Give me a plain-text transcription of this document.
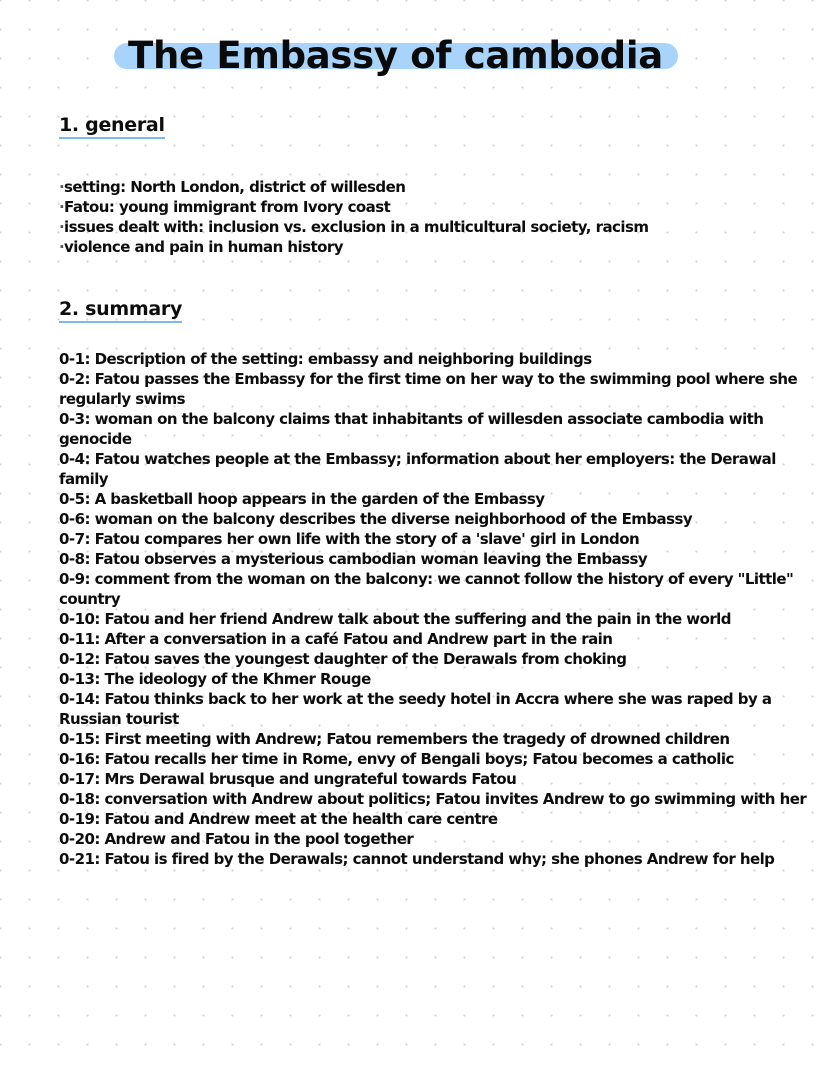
The Embassy of cambodia
1. general
·setting: North London, district of willesden
·Fatou: young immigrant from Ivory coast
·issues dealt with: inclusion vs. exclusion in a multicultural society, racism
·violence and pain in human history
2. summary
0-1: Description of the setting: embassy and neighboring buildings
0-2: Fatou passes the Embassy for the first time on her way to the swimming pool where she regularly swims
0-3: woman on the balcony claims that inhabitants of willesden associate cambodia with genocide
0-4: Fatou watches people at the Embassy; information about her employers: the Derawal family
0-5: A basketball hoop appears in the garden of the Embassy
0-6: woman on the balcony describes the diverse neighborhood of the Embassy
0-7: Fatou compares her own life with the story of a 'slave' girl in London
0-8: Fatou observes a mysterious cambodian woman leaving the Embassy
0-9: comment from the woman on the balcony: we cannot follow the history of every "Little" country
0-10: Fatou and her friend Andrew talk about the suffering and the pain in the world
0-11: After a conversation in a café Fatou and Andrew part in the rain
0-12: Fatou saves the youngest daughter of the Derawals from choking
0-13: The ideology of the Khmer Rouge
0-14: Fatou thinks back to her work at the seedy hotel in Accra where she was raped by a Russian tourist
0-15: First meeting with Andrew; Fatou remembers the tragedy of drowned children
0-16: Fatou recalls her time in Rome, envy of Bengali boys; Fatou becomes a catholic
0-17: Mrs Derawal brusque and ungrateful towards Fatou
0-18: conversation with Andrew about politics; Fatou invites Andrew to go swimming with her
0-19: Fatou and Andrew meet at the health care centre
0-20: Andrew and Fatou in the pool together
0-21: Fatou is fired by the Derawals; cannot understand why; she phones Andrew for help
